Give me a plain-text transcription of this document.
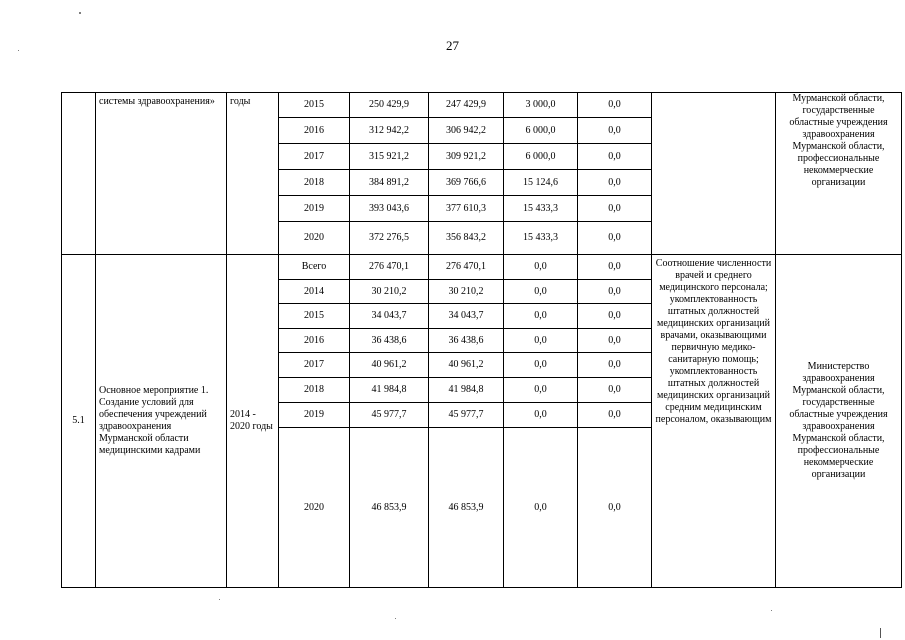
27
	системы здравоохранения»	годы	2015	250 429,9	247 429,9	3 000,0	0,0		Мурманской области, государственные областные учреждения здравоохранения Мурманской области, профессиональные некоммерческие организации
			2016	312 942,2	306 942,2	6 000,0	0,0		
			2017	315 921,2	309 921,2	6 000,0	0,0		
			2018	384 891,2	369 766,6	15 124,6	0,0		
			2019	393 043,6	377 610,3	15 433,3	0,0		
			2020	372 276,5	356 843,2	15 433,3	0,0		
5.1	Основное мероприятие 1. Создание условий для обеспечения учреждений здравоохранения Мурманской области медицинскими кадрами	2014 - 2020 годы	Всего	276 470,1	276 470,1	0,0	0,0	Соотношение численности врачей и среднего медицинского персонала; укомплектованность штатных должностей медицинских организаций врачами, оказывающими первичную медико-санитарную помощь; укомплектованность штатных должностей медицинских организаций средним медицинским персоналом, оказывающим	Министерство здравоохранения Мурманской области, государственные областные учреждения здравоохранения Мурманской области, профессиональные некоммерческие организации
			2014	30 210,2	30 210,2	0,0	0,0		
			2015	34 043,7	34 043,7	0,0	0,0		
			2016	36 438,6	36 438,6	0,0	0,0		
			2017	40 961,2	40 961,2	0,0	0,0		
			2018	41 984,8	41 984,8	0,0	0,0		
			2019	45 977,7	45 977,7	0,0	0,0		
			2020	46 853,9	46 853,9	0,0	0,0		
